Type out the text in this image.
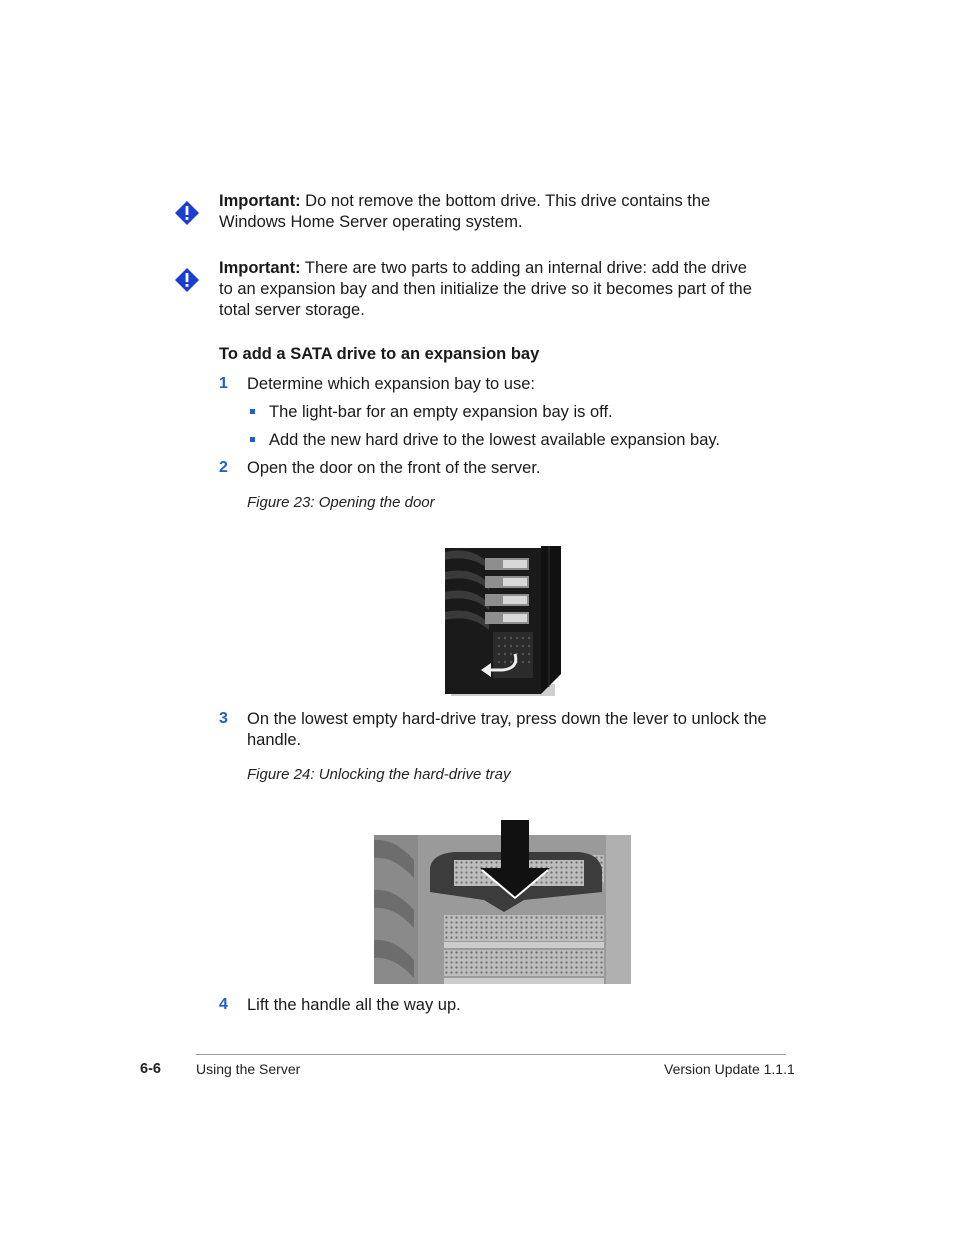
Important: Do not remove the bottom drive. This drive contains the
Windows Home Server operating system.
Important: There are two parts to adding an internal drive: add the drive
to an expansion bay and then initialize the drive so it becomes part of the
total server storage.
To add a SATA drive to an expansion bay
1 Determine which expansion bay to use:
The light-bar for an empty expansion bay is off.
Add the new hard drive to the lowest available expansion bay.
2 Open the door on the front of the server.
Figure 23: Opening the door
3 On the lowest empty hard-drive tray, press down the lever to unlock the
handle.
Figure 24: Unlocking the hard-drive tray
4 Lift the handle all the way up.
6-6	Using the Server	Version Update 1.1.1
